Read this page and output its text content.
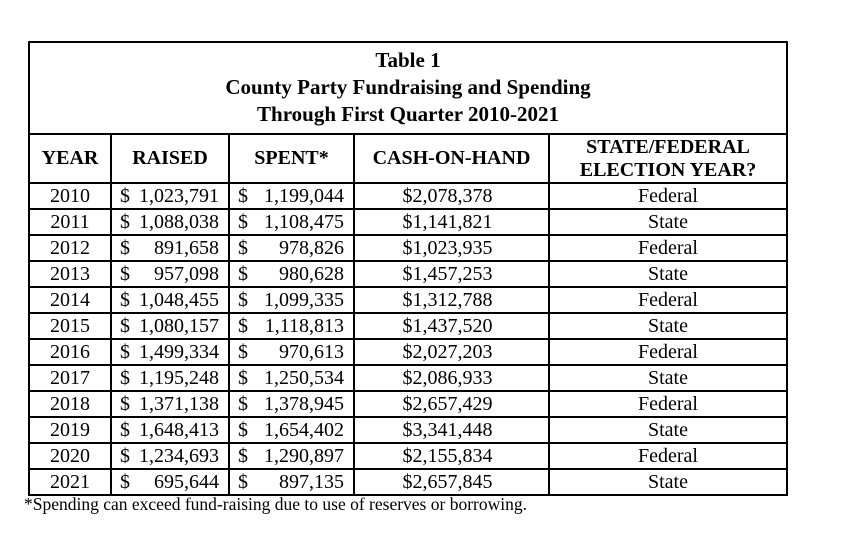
Table 1
County Party Fundraising and Spending
Through First Quarter 2010-2021				

YEAR	RAISED	SPENT*	CASH-ON-HAND	STATE/FEDERAL
ELECTION YEAR?

2010	$ 1,023,791	$ 1,199,044	$2,078,378	Federal
2011	$ 1,088,038	$ 1,108,475	$1,141,821	State
2012	$ 891,658	$ 978,826	$1,023,935	Federal
2013	$ 957,098	$ 980,628	$1,457,253	State
2014	$ 1,048,455	$ 1,099,335	$1,312,788	Federal
2015	$ 1,080,157	$ 1,118,813	$1,437,520	State
2016	$ 1,499,334	$ 970,613	$2,027,203	Federal
2017	$ 1,195,248	$ 1,250,534	$2,086,933	State
2018	$ 1,371,138	$ 1,378,945	$2,657,429	Federal
2019	$ 1,648,413	$ 1,654,402	$3,341,448	State
2020	$ 1,234,693	$ 1,290,897	$2,155,834	Federal
2021	$ 695,644	$ 897,135	$2,657,845	State
*Spending can exceed fund-raising due to use of reserves or borrowing.
